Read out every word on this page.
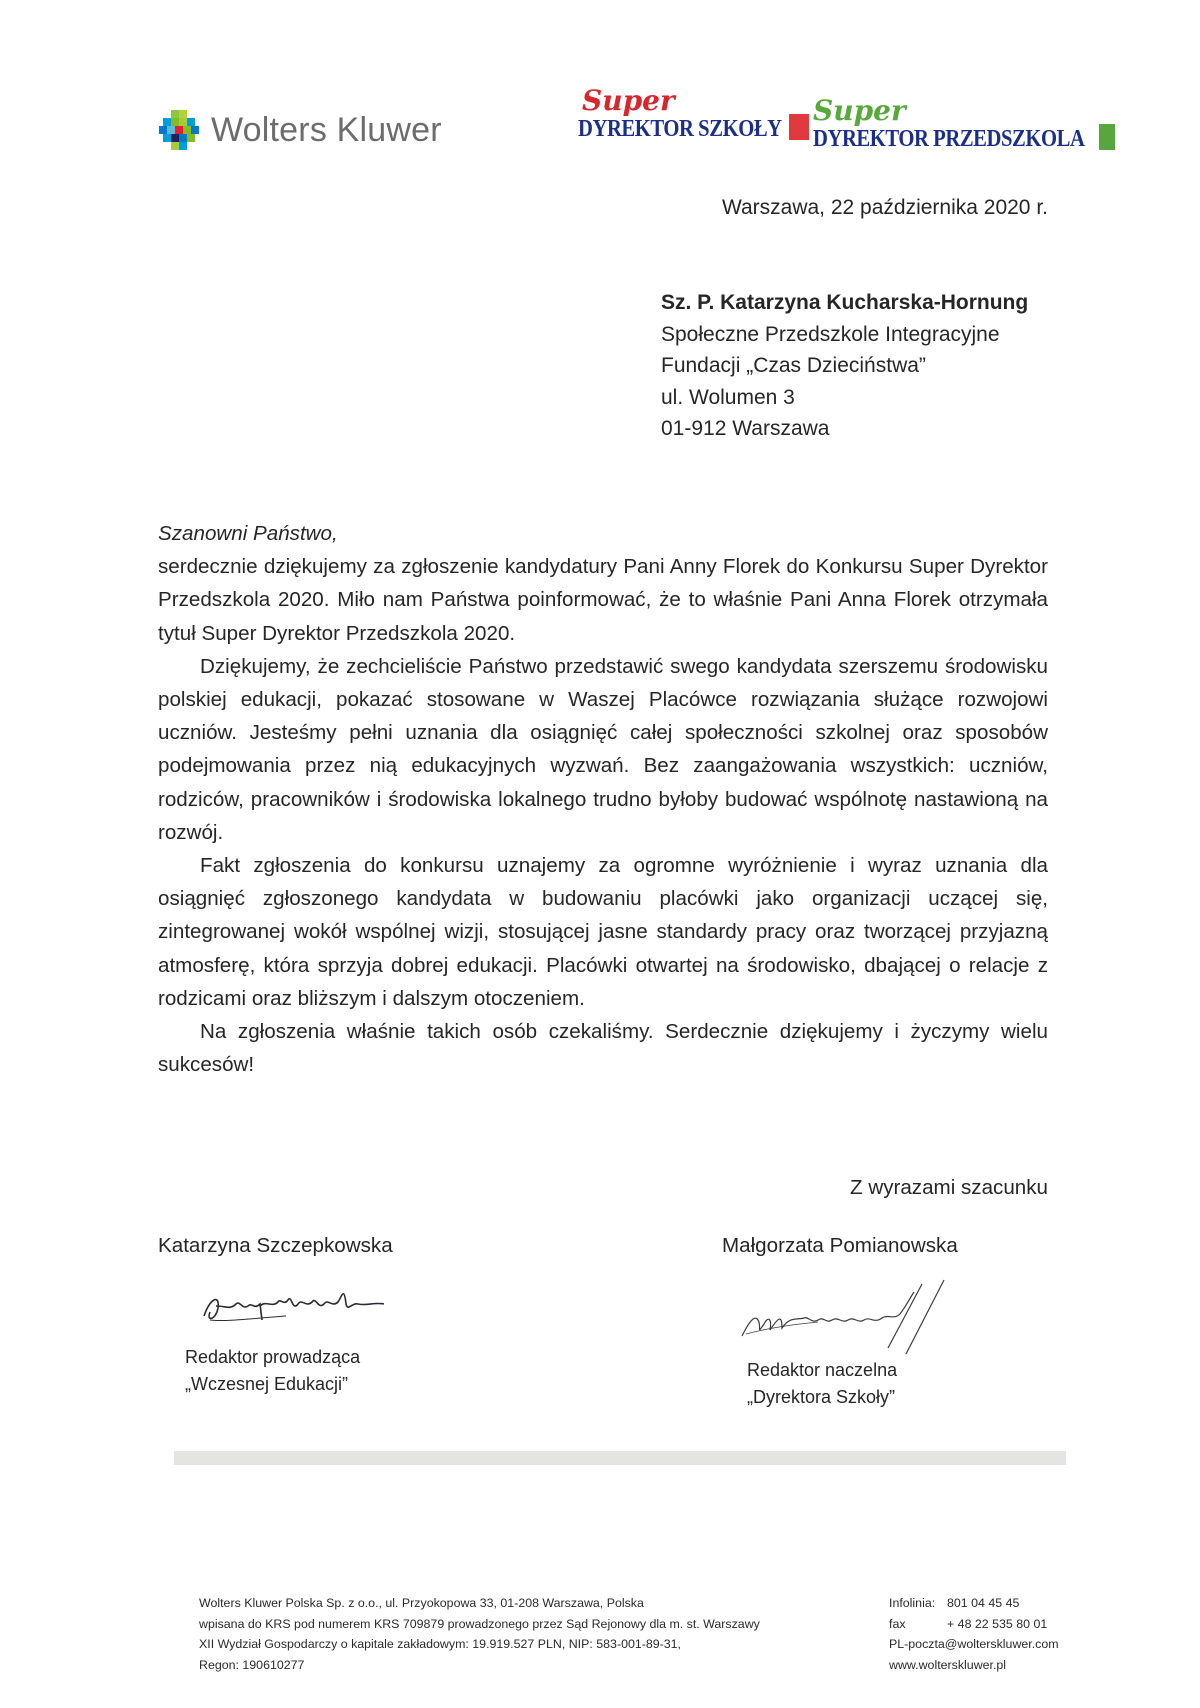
Wolters Kluwer
Super
DYREKTOR SZKOŁY
Super
DYREKTOR PRZEDSZKOLA
Warszawa, 22 października 2020 r.
Sz. P. Katarzyna Kucharska-Hornung
Społeczne Przedszkole Integracyjne
Fundacji „Czas Dzieciństwa”
ul. Wolumen 3
01-912 Warszawa
Szanowni Państwo,

serdecznie dziękujemy za zgłoszenie kandydatury Pani Anny Florek do Konkursu Super Dyrektor Przedszkola 2020. Miło nam Państwa poinformować, że to właśnie Pani Anna Florek otrzymała tytuł Super Dyrektor Przedszkola 2020.

Dziękujemy, że zechcieliście Państwo przedstawić swego kandydata szerszemu środowisku polskiej edukacji, pokazać stosowane w Waszej Placówce rozwiązania służące rozwojowi uczniów. Jesteśmy pełni uznania dla osiągnięć całej społeczności szkolnej oraz sposobów podejmowania przez nią edukacyjnych wyzwań. Bez zaangażowania wszystkich: uczniów, rodziców, pracowników i środowiska lokalnego trudno byłoby budować wspólnotę nastawioną na rozwój.

Fakt zgłoszenia do konkursu uznajemy za ogromne wyróżnienie i wyraz uznania dla osiągnięć zgłoszonego kandydata w budowaniu placówki jako organizacji uczącej się, zintegrowanej wokół wspólnej wizji, stosującej jasne standardy pracy oraz tworzącej przyjazną atmosferę, która sprzyja dobrej edukacji. Placówki otwartej na środowisko, dbającej o relacje z rodzicami oraz bliższym i dalszym otoczeniem.

Na zgłoszenia właśnie takich osób czekaliśmy. Serdecznie dziękujemy i życzymy wielu sukcesów!

Z wyrazami szacunku
Katarzyna Szczepkowska	Małgorzata Pomianowska
Redaktor prowadząca
„Wczesnej Edukacji”
Redaktor naczelna
„Dyrektora Szkoły”
Wolters Kluwer Polska Sp. z o.o., ul. Przyokopowa 33, 01-208 Warszawa, Polska
wpisana do KRS pod numerem KRS 709879 prowadzonego przez Sąd Rejonowy dla m. st. Warszawy
XII Wydział Gospodarczy o kapitale zakładowym: 19.919.527 PLN, NIP: 583-001-89-31,
Regon: 190610277
Infolinia: 801 04 45 45
fax	+ 48 22 535 80 01
PL-poczta@wolterskluwer.com
www.wolterskluwer.pl
